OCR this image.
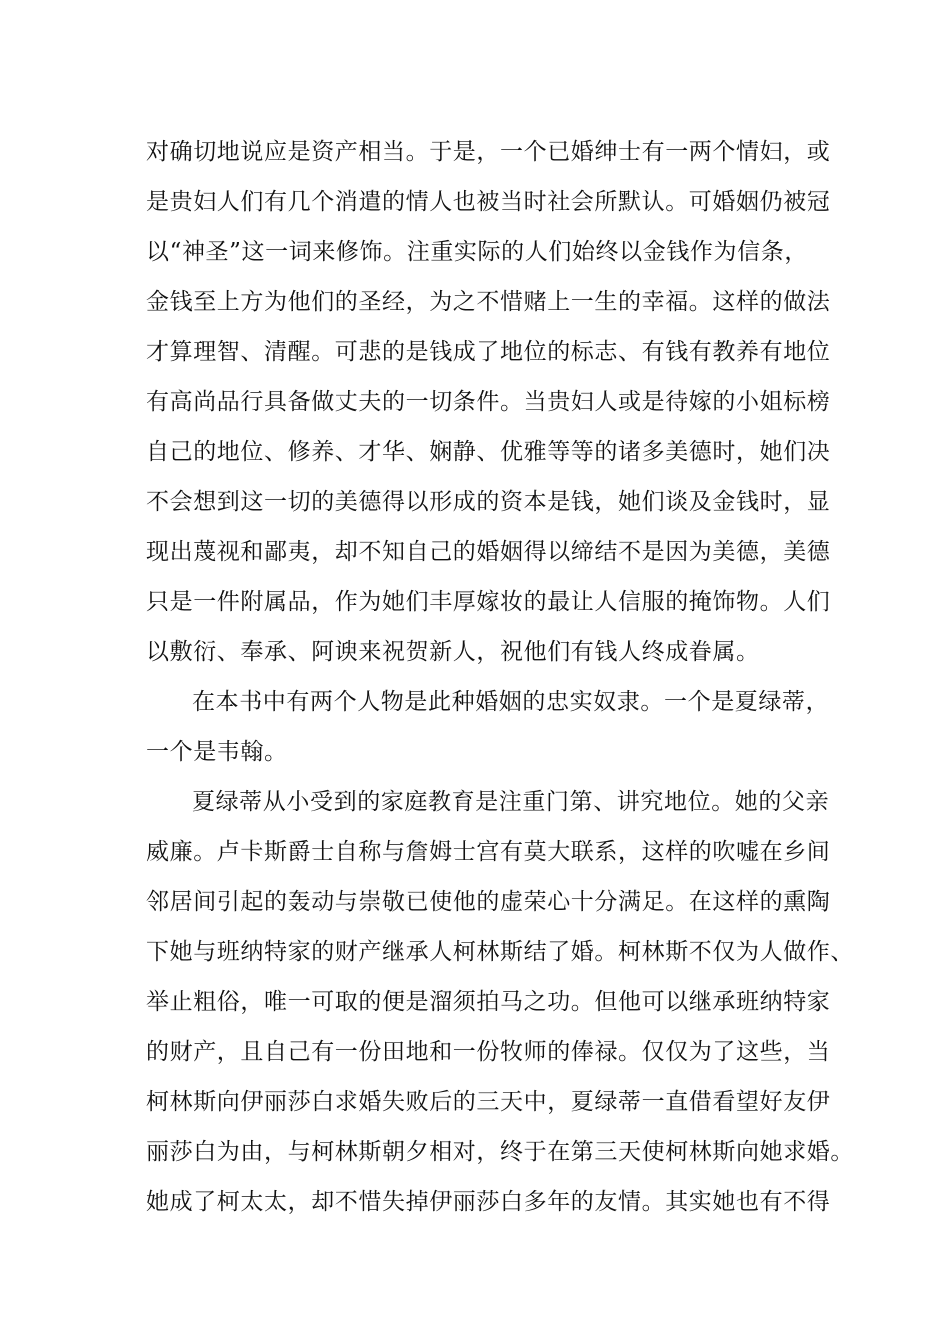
对确切地说应是资产相当。于是，一个已婚绅士有一两个情妇，或
是贵妇人们有几个消遣的情人也被当时社会所默认。可婚姻仍被冠
以“神圣”这一词来修饰。注重实际的人们始终以金钱作为信条，
金钱至上方为他们的圣经，为之不惜赌上一生的幸福。这样的做法
才算理智、清醒。可悲的是钱成了地位的标志、有钱有教养有地位
有高尚品行具备做丈夫的一切条件。当贵妇人或是待嫁的小姐标榜
自己的地位、修养、才华、娴静、优雅等等的诸多美德时，她们决
不会想到这一切的美德得以形成的资本是钱，她们谈及金钱时，显
现出蔑视和鄙夷，却不知自己的婚姻得以缔结不是因为美德，美德
只是一件附属品，作为她们丰厚嫁妆的最让人信服的掩饰物。人们
以敷衍、奉承、阿谀来祝贺新人，祝他们有钱人终成眷属。
在本书中有两个人物是此种婚姻的忠实奴隶。一个是夏绿蒂，
一个是韦翰。
夏绿蒂从小受到的家庭教育是注重门第、讲究地位。她的父亲
威廉。卢卡斯爵士自称与詹姆士宫有莫大联系，这样的吹嘘在乡间
邻居间引起的轰动与崇敬已使他的虚荣心十分满足。在这样的熏陶
下她与班纳特家的财产继承人柯林斯结了婚。柯林斯不仅为人做作、
举止粗俗，唯一可取的便是溜须拍马之功。但他可以继承班纳特家
的财产，且自己有一份田地和一份牧师的俸禄。仅仅为了这些，当
柯林斯向伊丽莎白求婚失败后的三天中，夏绿蒂一直借看望好友伊
丽莎白为由，与柯林斯朝夕相对，终于在第三天使柯林斯向她求婚。
她成了柯太太，却不惜失掉伊丽莎白多年的友情。其实她也有不得
